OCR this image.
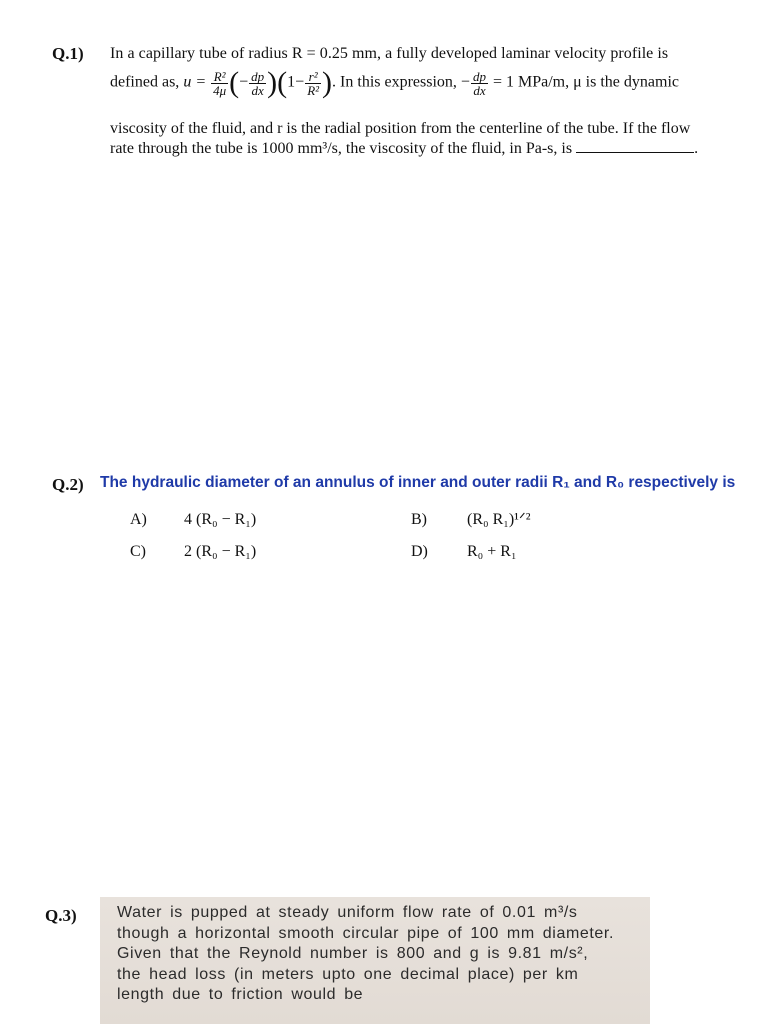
Q.1) In a capillary tube of radius R = 0.25 mm, a fully developed laminar velocity profile is
defined as, $u = \frac{\text{R²}}{4\mu}$ (− $\frac{dp}{dx} )(1- \frac{\text{r²}}{\text{R²}}$ ). In this expression, − $\frac{dp}{dx} = 1$ MPa/m, μ is the dynamic
viscosity of the fluid, and r is the radial position from the centerline of the tube. If the flow
rate through the tube is 1000 mm³/s, the viscosity of the fluid, in Pa-s, is	.
Q.2) The hydraulic diameter of an annulus of inner and outer radii R₁ and R₀ respectively is
A) 4 (R₀ − R₁)	B)	(R₀ R₁)¹ᐟ²
C) 2 (R₀ − R₁)	D) R₀ + R₁
Q.3)	Water is pupped at steady uniform flow rate of 0.01 m³/s though a horizontal smooth circular pipe of 100 mm diameter. Given that the Reynold number is 800 and g is 9.81 m/s², the head loss (in meters upto one decimal place) per km length due to friction would be
